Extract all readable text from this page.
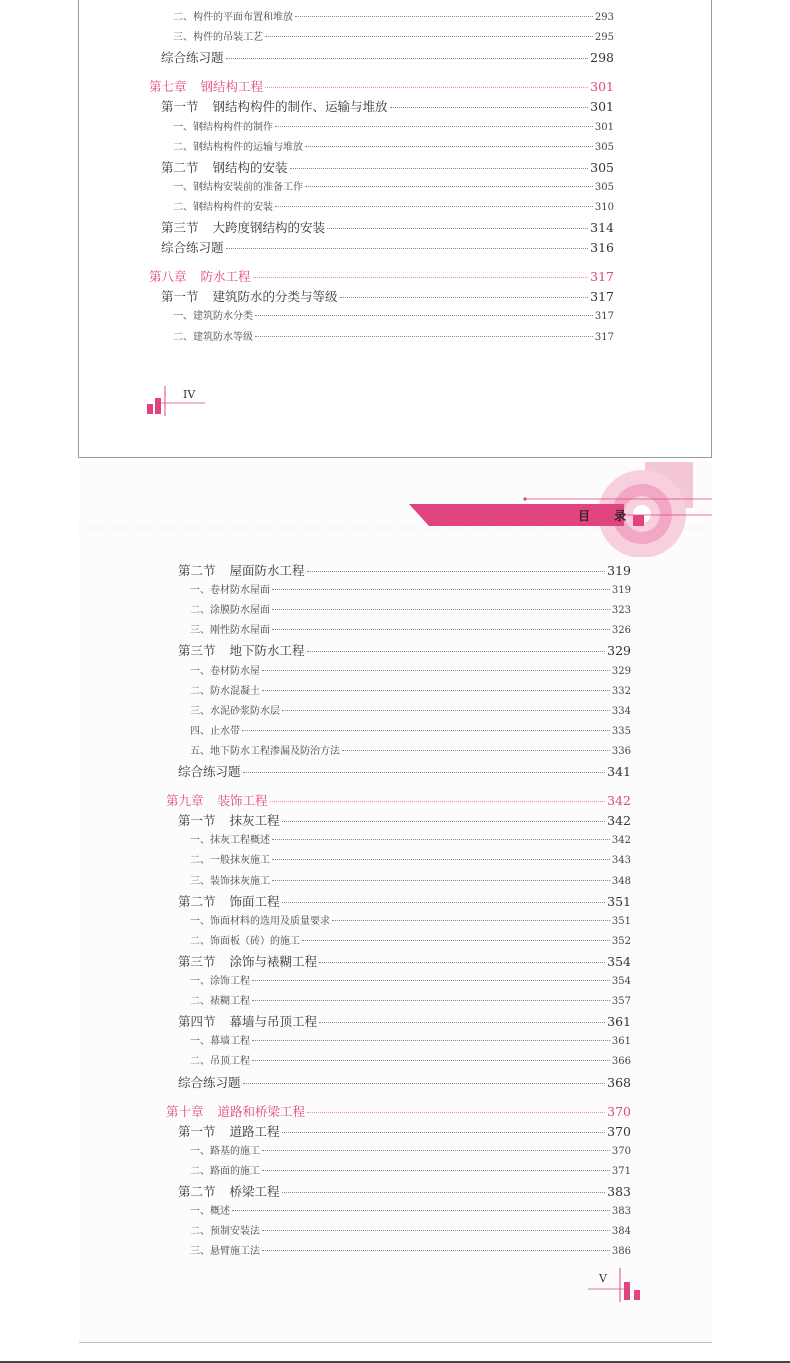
二、构件的平面布置和堆放	293
三、构件的吊装工艺	295
综合练习题	298
第七章 钢结构工程	301
第一节 钢结构构件的制作、运输与堆放	301
一、钢结构构件的制作	301
二、钢结构构件的运输与堆放	305
第二节 钢结构的安装	305
一、钢结构安装前的准备工作	305
二、钢结构构件的安装	310
第三节 大跨度钢结构的安装	314
综合练习题	316
第八章 防水工程	317
第一节 建筑防水的分类与等级	317
一、建筑防水分类	317
二、建筑防水等级	317
IV
目 录
第二节 屋面防水工程	319
一、卷材防水屋面	319
二、涂膜防水屋面	323
三、刚性防水屋面	326
第三节 地下防水工程	329
一、卷材防水屋	329
二、防水混凝土	332
三、水泥砂浆防水层	334
四、止水带	335
五、地下防水工程渗漏及防治方法	336
综合练习题	341
第九章 装饰工程	342
第一节 抹灰工程	342
一、抹灰工程概述	342
二、一般抹灰施工	343
三、装饰抹灰施工	348
第二节 饰面工程	351
一、饰面材料的选用及质量要求	351
二、饰面板（砖）的施工	352
第三节 涂饰与裱糊工程	354
一、涂饰工程	354
二、裱糊工程	357
第四节 幕墙与吊顶工程	361
一、幕墙工程	361
二、吊顶工程	366
综合练习题	368
第十章 道路和桥梁工程	370
第一节 道路工程	370
一、路基的施工	370
二、路面的施工	371
第二节 桥梁工程	383
一、概述	383
二、预制安装法	384
三、悬臂施工法	386
V
